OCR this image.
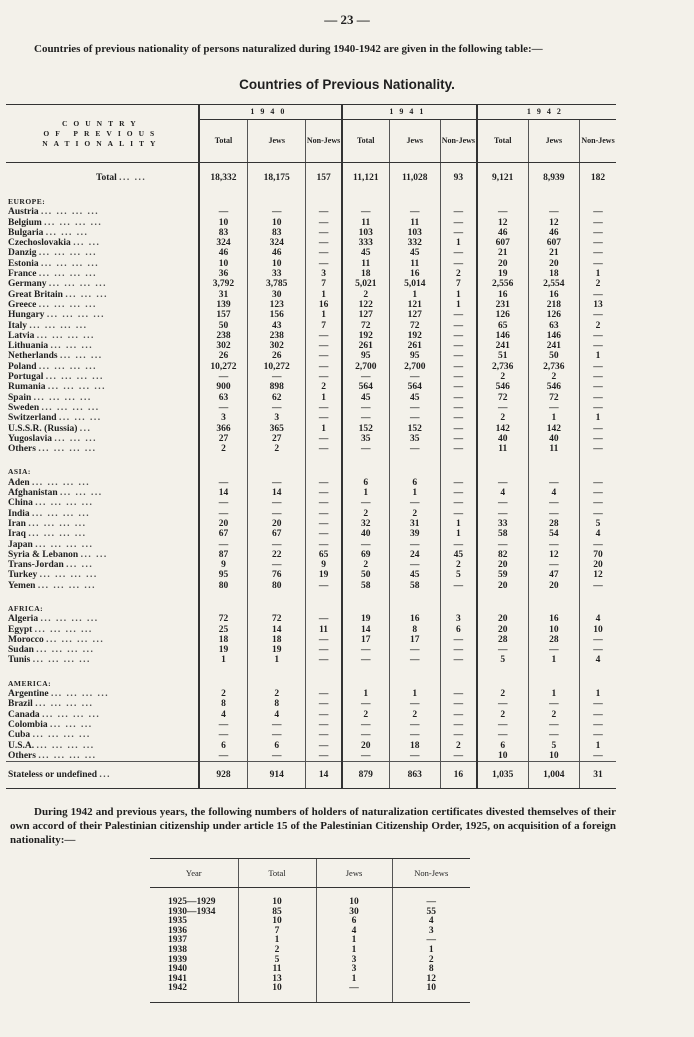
— 23 —
Countries of previous nationality of persons naturalized during 1940-1942 are given in the following table:—
Countries of Previous Nationality.
COUNTRY
OF PREVIOUS NATIONALITY	1940			1941			1942		
	Total	Jews	Non-Jews	Total	Jews	Non-Jews	Total	Jews	Non-Jews
Total ... ...	18,332	18,175	157	11,121	11,028	93	9,121	8,939	182
EUROPE:									
Austria ... ... ... ...	—	—	—	—	—	—	—	—	—
Belgium ... ... ... ...	10	10	—	11	11	—	12	12	—
Bulgaria ... ... ...	83	83	—	103	103	—	46	46	—
Czechoslovakia ... ...	324	324	—	333	332	1	607	607	—
Danzig ... ... ... ...	46	46	—	45	45	—	21	21	—
Estonia ... ... ... ...	10	10	—	11	11	—	20	20	—
France ... ... ... ...	36	33	3	18	16	2	19	18	1
Germany ... ... ... ...	3,792	3,785	7	5,021	5,014	7	2,556	2,554	2
Great Britain ... ... ...	31	30	1	2	1	1	16	16	—
Greece ... ... ... ...	139	123	16	122	121	1	231	218	13
Hungary ... ... ... ...	157	156	1	127	127	—	126	126	—
Italy ... ... ... ...	50	43	7	72	72	—	65	63	2
Latvia ... ... ... ...	238	238	—	192	192	—	146	146	—
Lithuania ... ... ...	302	302	—	261	261	—	241	241	—
Netherlands ... ... ...	26	26	—	95	95	—	51	50	1
Poland ... ... ... ...	10,272	10,272	—	2,700	2,700	—	2,736	2,736	—
Portugal ... ... ... ...	—	—	—	—	—	—	2	2	—
Rumania ... ... ... ...	900	898	2	564	564	—	546	546	—
Spain ... ... ... ...	63	62	1	45	45	—	72	72	—
Sweden ... ... ... ...	—	—	—	—	—	—	—	—	—
Switzerland ... ... ...	3	3	—	—	—	—	2	1	1
U.S.S.R. (Russia) ...	366	365	1	152	152	—	142	142	—
Yugoslavia ... ... ...	27	27	—	35	35	—	40	40	—
Others ... ... ... ...	2	2	—	—	—	—	11	11	—

ASIA:									
Aden ... ... ... ...	—	—	—	6	6	—	—	—	—
Afghanistan ... ... ...	14	14	—	1	1	—	4	4	—
China ... ... ... ...	—	—	—	—	—	—	—	—	—
India ... ... ... ...	—	—	—	2	2	—	—	—	—
Iran ... ... ... ...	20	20	—	32	31	1	33	28	5
Iraq ... ... ... ...	67	67	—	40	39	1	58	54	4
Japan ... ... ... ...	—	—	—	—	—	—	—	—	—
Syria & Lebanon ... ...	87	22	65	69	24	45	82	12	70
Trans-Jordan ... ...	9	—	9	2	—	2	20	—	20
Turkey ... ... ... ...	95	76	19	50	45	5	59	47	12
Yemen ... ... ... ...	80	80	—	58	58	—	20	20	—

AFRICA:									
Algeria ... ... ... ...	72	72	—	19	16	3	20	16	4
Egypt ... ... ... ...	25	14	11	14	8	6	20	10	10
Morocco ... ... ... ...	18	18	—	17	17	—	28	28	—
Sudan ... ... ... ...	19	19	—	—	—	—	—	—	—
Tunis ... ... ... ...	1	1	—	—	—	—	5	1	4

AMERICA:									
Argentine ... ... ... ...	2	2	—	1	1	—	2	1	1
Brazil ... ... ... ...	8	8	—	—	—	—	—	—	—
Canada ... ... ... ...	4	4	—	2	2	—	2	2	—
Colombia ... ... ...	—	—	—	—	—	—	—	—	—
Cuba ... ... ... ...	—	—	—	—	—	—	—	—	—
U.S.A. ... ... ... ...	6	6	—	20	18	2	6	5	1
Others ... ... ... ...	—	—	—	—	—	—	10	10	—
Stateless or undefined ...	928	914	14	879	863	16	1,035	1,004	31
During 1942 and previous years, the following numbers of holders of naturalization certificates divested themselves of their own accord of their Palestinian citizenship under article 15 of the Palestinian Citizenship Order, 1925, on acquisition of a foreign nationality:—
Year	Total	Jews	Non-Jews
1925—1929	10	10	—
1930—1934	85	30	55
1935	10	6	4
1936	7	4	3
1937	1	1	—
1938	2	1	1
1939	5	3	2
1940	11	3	8
1941	13	1	12
1942	10	—	10
